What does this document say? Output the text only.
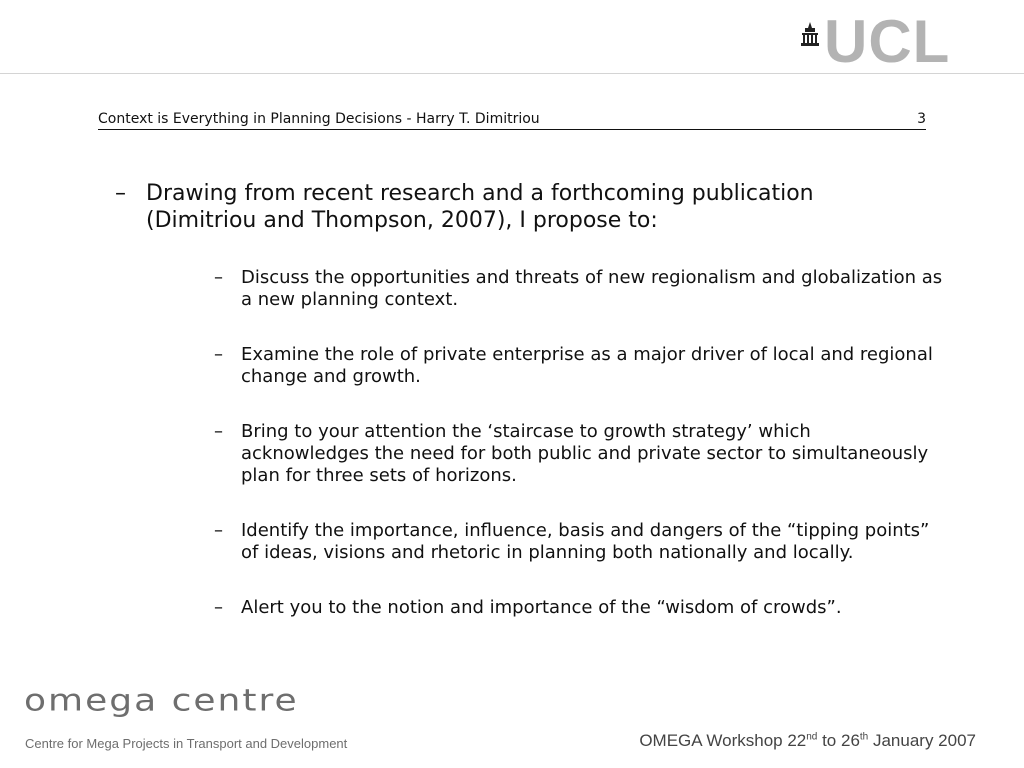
UCL
Context is Everything in Planning Decisions - Harry T. Dimitriou	3
– Drawing from recent research and a forthcoming publication (Dimitriou and Thompson, 2007), I propose to:
– Discuss the opportunities and threats of new regionalism and globalization as a new planning context.
– Examine the role of private enterprise as a major driver of local and regional change and growth.
– Bring to your attention the ‘staircase to growth strategy’ which acknowledges the need for both public and private sector to simultaneously plan for three sets of horizons.
– Identify the importance, influence, basis and dangers of the “tipping points” of ideas, visions and rhetoric in planning both nationally and locally.
– Alert you to the notion and importance of the “wisdom of crowds”.
omega centre
Centre for Mega Projects in Transport and Development	OMEGA Workshop 22nd to 26th January 2007
